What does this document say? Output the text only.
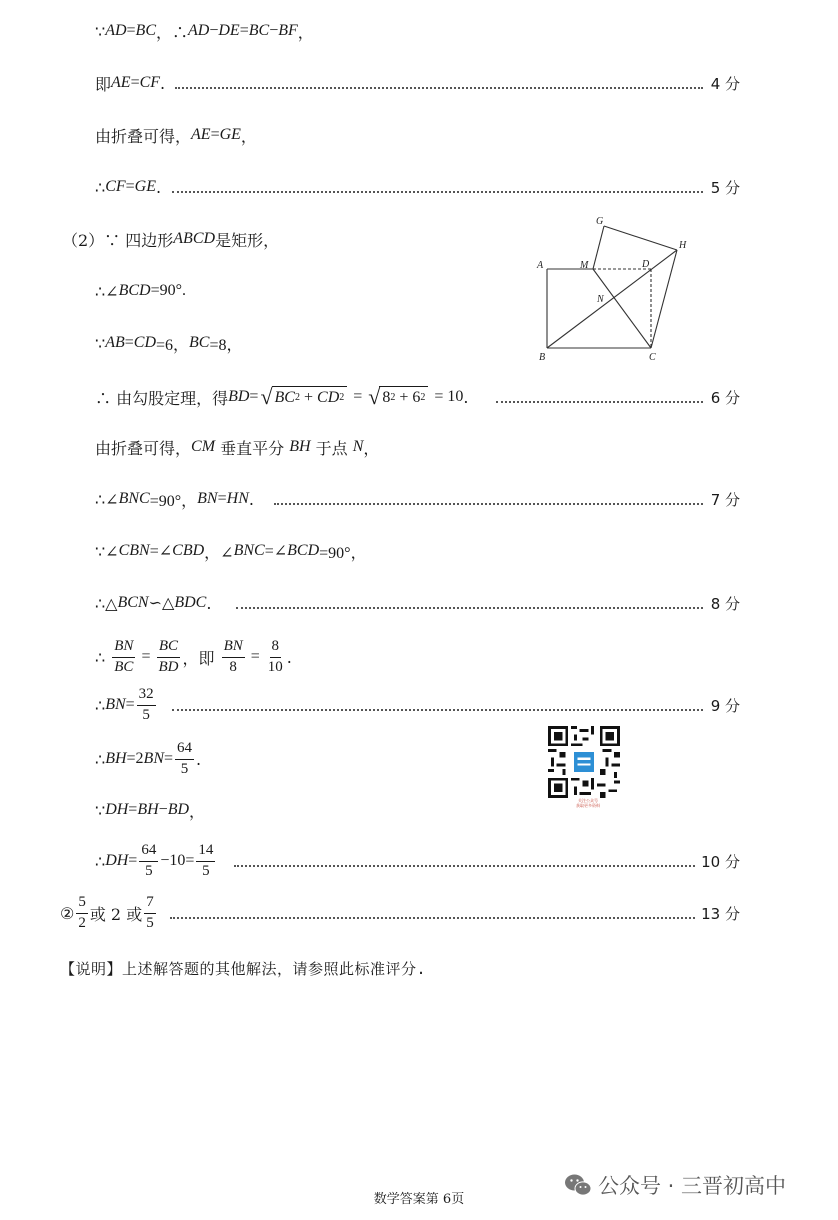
∵ AD = BC ，∴ AD − DE = BC − BF ，
即 AE = CF .	4 分
由折叠可得， AE = GE ，
∴ CF = GE .	5 分
（2）∵ 四边形 ABCD 是矩形，
∴∠ BCD =90°.
∵ AB = CD =6， BC =8，
∴ 由勾股定理，得 BD = √ BC 2 + CD 2 = √ 8 2 + 6 2 = 10 .	6 分
由折叠可得， CM 垂直平分 BH 于点 N ，
∴∠ BNC =90°， BN = HN .	7 分
∵∠ CBN =∠ CBD ，∠ BNC =∠ BCD =90°，
∴△ BCN ∽△ BDC .	8 分
∴ $\frac{BN}{BC} = \frac{BC}{BD}$ ，即 $\frac{BN}{8} = \frac{8}{10}$ .
∴ BN = $\frac{32}{5}$	9 分
∴ BH =2 BN = $\frac{64}{5}$ .
∵ DH = BH − BD ，
∴ DH = $\frac{64}{5} -10= \frac{14}{5}$	10 分
② $\frac{5}{2}$ 或 2 或 $\frac{7}{5}$	13 分
【说明】上述解答题的其他解法，请参照此标准评分.
A	M	D
G
H
N
B	C
关注公众号
获取更多资料
数学答案第 6页
公众号 · 三晋初高中
